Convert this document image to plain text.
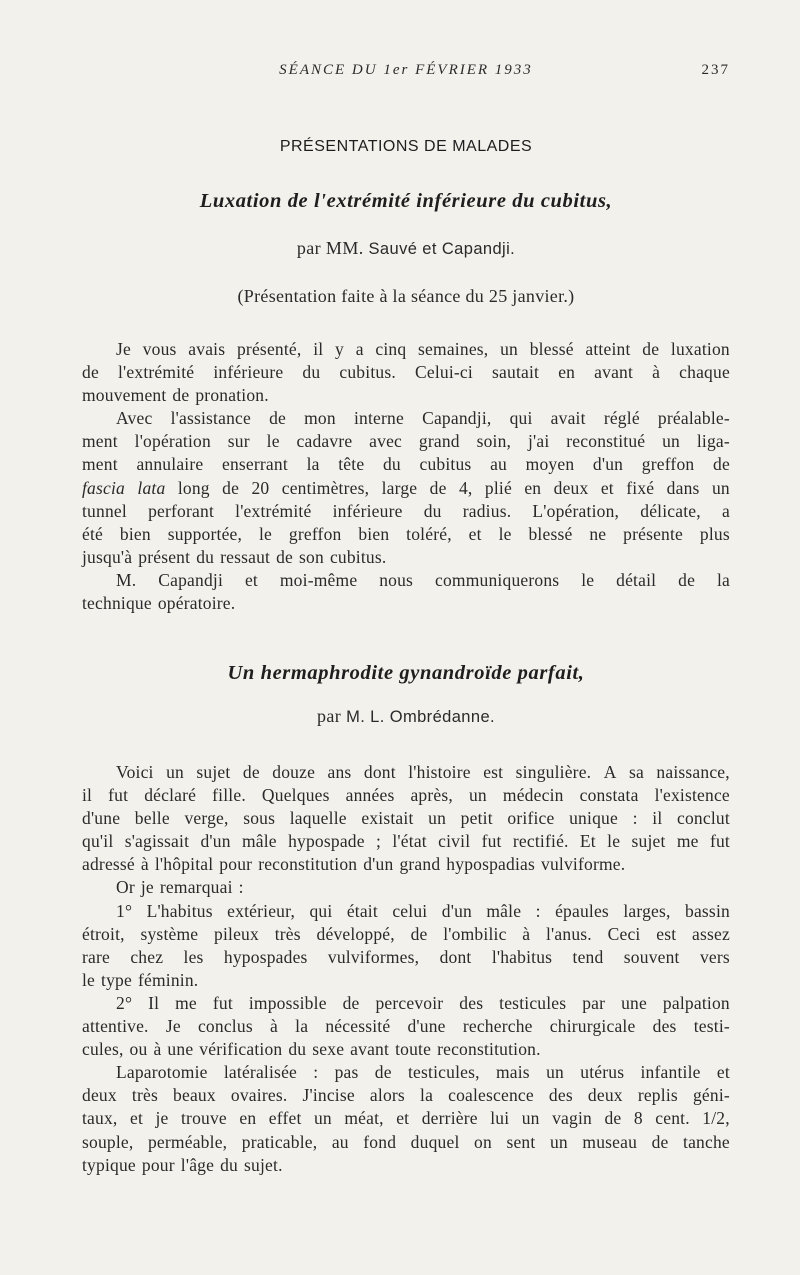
SÉANCE DU 1er FÉVRIER 1933	237
PRÉSENTATIONS DE MALADES
Luxation de l'extrémité inférieure du cubitus,
par MM. Sauvé et Capandji.
(Présentation faite à la séance du 25 janvier.)
Je vous avais présenté, il y a cinq semaines, un blessé atteint de luxation
de l'extrémité inférieure du cubitus. Celui-ci sautait en avant à chaque
mouvement de pronation.
Avec l'assistance de mon interne Capandji, qui avait réglé préalable-
ment l'opération sur le cadavre avec grand soin, j'ai reconstitué un liga-
ment annulaire enserrant la tête du cubitus au moyen d'un greffon de
fascia lata long de 20 centimètres, large de 4, plié en deux et fixé dans un
tunnel perforant l'extrémité inférieure du radius. L'opération, délicate, a
été bien supportée, le greffon bien toléré, et le blessé ne présente plus
jusqu'à présent du ressaut de son cubitus.
M. Capandji et moi-même nous communiquerons le détail de la
technique opératoire.
Un hermaphrodite gynandroïde parfait,
par M. L. Ombrédanne.
Voici un sujet de douze ans dont l'histoire est singulière. A sa naissance,
il fut déclaré fille. Quelques années après, un médecin constata l'existence
d'une belle verge, sous laquelle existait un petit orifice unique : il conclut
qu'il s'agissait d'un mâle hypospade ; l'état civil fut rectifié. Et le sujet me fut
adressé à l'hôpital pour reconstitution d'un grand hypospadias vulviforme.
Or je remarquai :
1° L'habitus extérieur, qui était celui d'un mâle : épaules larges, bassin
étroit, système pileux très développé, de l'ombilic à l'anus. Ceci est assez
rare chez les hypospades vulviformes, dont l'habitus tend souvent vers
le type féminin.
2° Il me fut impossible de percevoir des testicules par une palpation
attentive. Je conclus à la nécessité d'une recherche chirurgicale des testi-
cules, ou à une vérification du sexe avant toute reconstitution.
Laparotomie latéralisée : pas de testicules, mais un utérus infantile et
deux très beaux ovaires. J'incise alors la coalescence des deux replis géni-
taux, et je trouve en effet un méat, et derrière lui un vagin de 8 cent. 1/2,
souple, perméable, praticable, au fond duquel on sent un museau de tanche
typique pour l'âge du sujet.
